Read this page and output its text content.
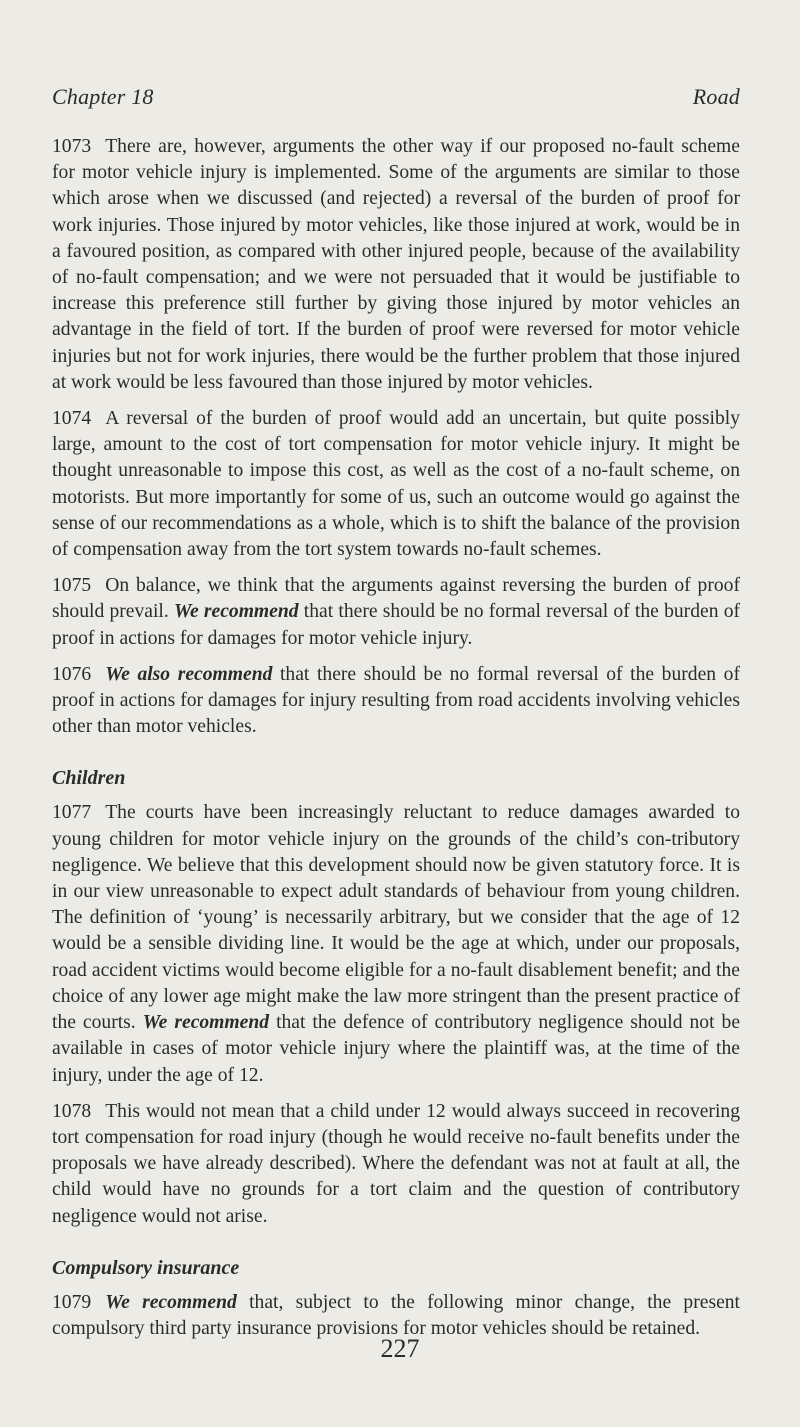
Chapter 18	Road

1073 There are, however, arguments the other way if our proposed no-fault scheme for motor vehicle injury is implemented. Some of the arguments are similar to those which arose when we discussed (and rejected) a reversal of the burden of proof for work injuries. Those injured by motor vehicles, like those injured at work, would be in a favoured position, as compared with other injured people, because of the availability of no-fault compensation; and we were not persuaded that it would be justifiable to increase this preference still further by giving those injured by motor vehicles an advantage in the field of tort. If the burden of proof were reversed for motor vehicle injuries but not for work injuries, there would be the further problem that those injured at work would be less favoured than those injured by motor vehicles.

1074 A reversal of the burden of proof would add an uncertain, but quite possibly large, amount to the cost of tort compensation for motor vehicle injury. It might be thought unreasonable to impose this cost, as well as the cost of a no-fault scheme, on motorists. But more importantly for some of us, such an outcome would go against the sense of our recommendations as a whole, which is to shift the balance of the provision of compensation away from the tort system towards no-fault schemes.

1075 On balance, we think that the arguments against reversing the burden of proof should prevail. We recommend that there should be no formal reversal of the burden of proof in actions for damages for motor vehicle injury.

1076 We also recommend that there should be no formal reversal of the burden of proof in actions for damages for injury resulting from road accidents involving vehicles other than motor vehicles.

Children

1077 The courts have been increasingly reluctant to reduce damages awarded to young children for motor vehicle injury on the grounds of the child’s con-tributory negligence. We believe that this development should now be given statutory force. It is in our view unreasonable to expect adult standards of behaviour from young children. The definition of ‘young’ is necessarily arbitrary, but we consider that the age of 12 would be a sensible dividing line. It would be the age at which, under our proposals, road accident victims would become eligible for a no-fault disablement benefit; and the choice of any lower age might make the law more stringent than the present practice of the courts. We recommend that the defence of contributory negligence should not be available in cases of motor vehicle injury where the plaintiff was, at the time of the injury, under the age of 12.

1078 This would not mean that a child under 12 would always succeed in recovering tort compensation for road injury (though he would receive no-fault benefits under the proposals we have already described). Where the defendant was not at fault at all, the child would have no grounds for a tort claim and the question of contributory negligence would not arise.

Compulsory insurance

1079 We recommend that, subject to the following minor change, the present compulsory third party insurance provisions for motor vehicles should be retained.

227
